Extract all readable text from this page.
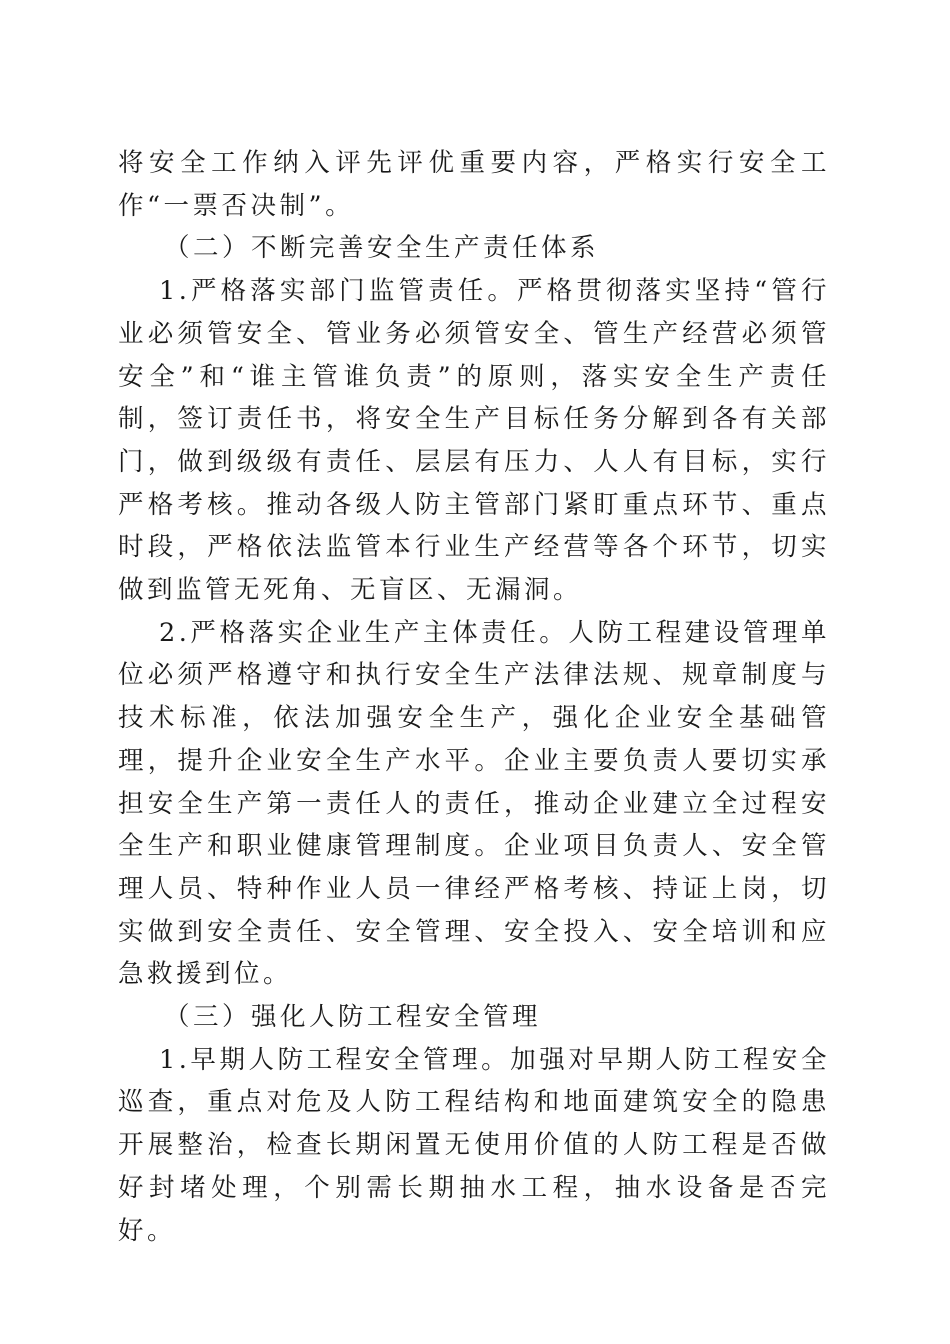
将安全工作纳入评先评优重要内容，严格实行安全工作“一票否决制”。

（二）不断完善安全生产责任体系

1.严格落实部门监管责任。严格贯彻落实坚持“管行业必须管安全、管业务必须管安全、管生产经营必须管安全”和“谁主管谁负责”的原则，落实安全生产责任制，签订责任书，将安全生产目标任务分解到各有关部门，做到级级有责任、层层有压力、人人有目标，实行严格考核。推动各级人防主管部门紧盯重点环节、重点时段，严格依法监管本行业生产经营等各个环节，切实做到监管无死角、无盲区、无漏洞。

2.严格落实企业生产主体责任。人防工程建设管理单位必须严格遵守和执行安全生产法律法规、规章制度与技术标准，依法加强安全生产，强化企业安全基础管理，提升企业安全生产水平。企业主要负责人要切实承担安全生产第一责任人的责任，推动企业建立全过程安全生产和职业健康管理制度。企业项目负责人、安全管理人员、特种作业人员一律经严格考核、持证上岗，切实做到安全责任、安全管理、安全投入、安全培训和应急救援到位。

（三）强化人防工程安全管理

1.早期人防工程安全管理。加强对早期人防工程安全巡查，重点对危及人防工程结构和地面建筑安全的隐患开展整治，检查长期闲置无使用价值的人防工程是否做好封堵处理，个别需长期抽水工程，抽水设备是否完好。
